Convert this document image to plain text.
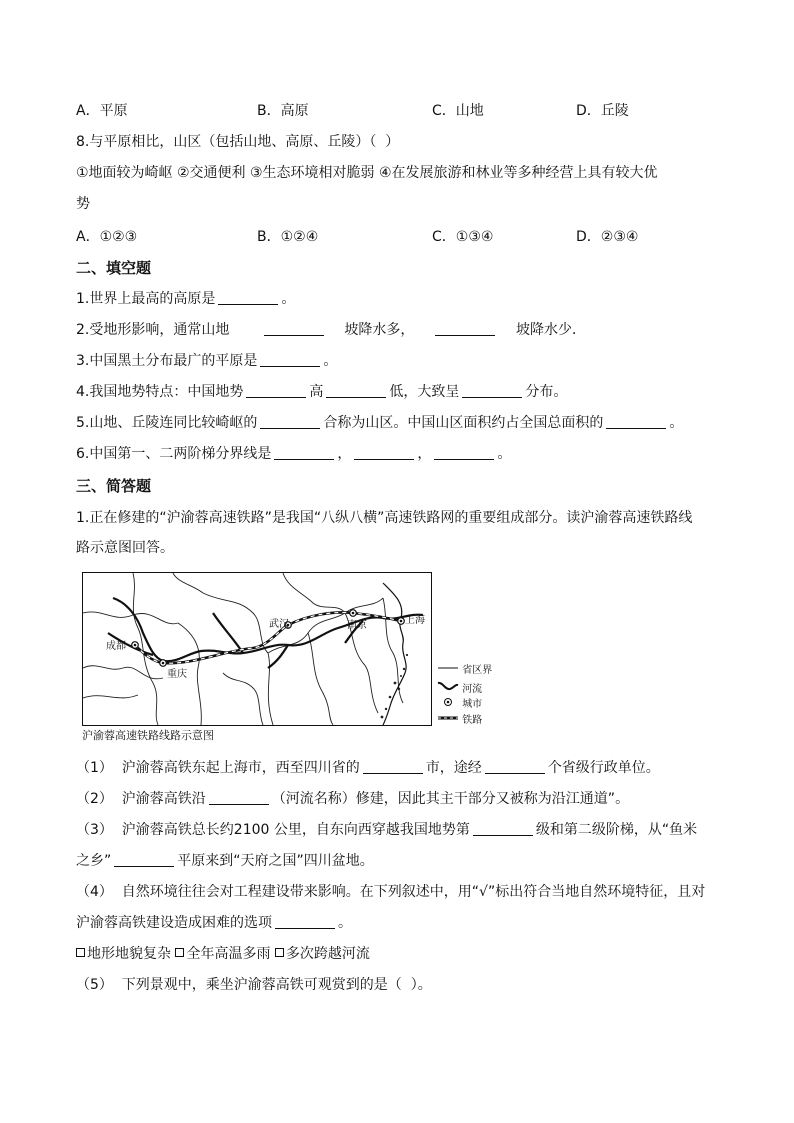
A．平原	B．高原	C．山地	D．丘陵
8.与平原相比，山区（包括山地、高原、丘陵）（  ）
①地面较为崎岖 ②交通便利 ③生态环境相对脆弱 ④在发展旅游和林业等多种经营上具有较大优
势
A．①②③	B．①②④	C．①③④	D．②③④
二、填空题
1.世界上最高的高原是	。
2.受地形影响，通常山地	坡降水多，	坡降水少．
3.中国黑土分布最广的平原是	。
4.我国地势特点：中国地势	高	低，大致呈	分布。
5.山地、丘陵连同比较崎岖的	合称为山区。中国山区面积约占全国总面积的	。
6.中国第一、二两阶梯分界线是	，	，	。
三、简答题
1.正在修建的“沪渝蓉高速铁路”是我国“八纵八横”高速铁路网的重要组成部分。读沪渝蓉高速铁路线
路示意图回答。
成都
重庆
武汉	南京	上海
省区界
河流
城市
铁路
沪渝蓉高速铁路线路示意图
（1）  沪渝蓉高铁东起上海市，西至四川省的	市，途经	个省级行政单位。
（2）  沪渝蓉高铁沿	（河流名称）修建，因此其主干部分又被称为沿江通道”。
（3）  沪渝蓉高铁总长约2100 公里，自东向西穿越我国地势第	级和第二级阶梯，从“鱼米
之乡”	平原来到“天府之国”四川盆地。
（4）  自然环境往往会对工程建设带来影响。在下列叙述中，用“√”标出符合当地自然环境特征，且对
沪渝蓉高铁建设造成困难的选项	。
地形地貌复杂 全年高温多雨 多次跨越河流
（5）  下列景观中，乘坐沪渝蓉高铁可观赏到的是（  ）。
